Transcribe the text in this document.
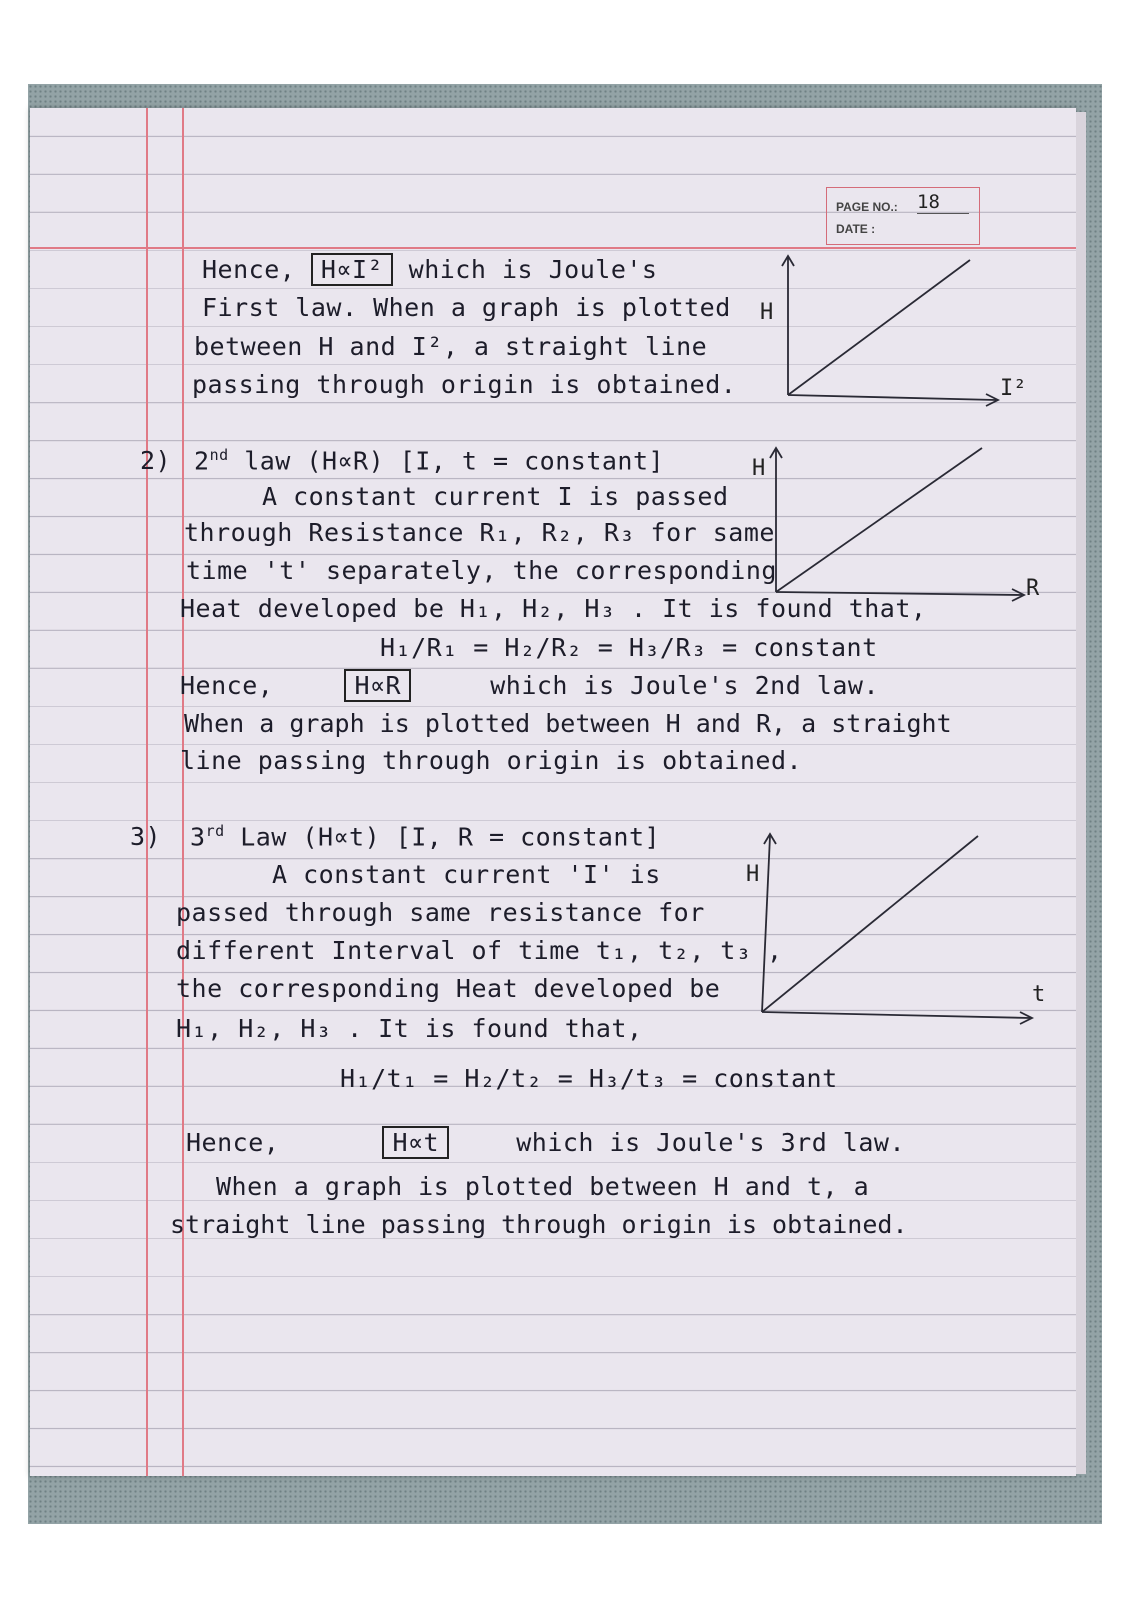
PAGE NO.: 18
DATE :
Hence, H∝I² which is Joule's
First law. When a graph is plotted
between H and I², a straight line
passing through origin is obtained.
H
I²
2) 2nd law (H∝R) [I, t = constant]
A constant current I is passed
through Resistance R₁, R₂, R₃ for same
time 't' separately, the corresponding
Heat developed be H₁, H₂, H₃ . It is found that,
H₁/R₁ = H₂/R₂ = H₃/R₃ = constant
Hence,	H∝R	which is Joule's 2nd law.
When a graph is plotted between H and R, a straight
line passing through origin is obtained.
H
R
3) 3rd Law (H∝t) [I, R = constant]
A constant current 'I' is
passed through same resistance for
different Interval of time t₁, t₂, t₃ ,
the corresponding Heat developed be
H₁, H₂, H₃ . It is found that,
H₁/t₁ = H₂/t₂ = H₃/t₃ = constant
Hence,	H∝t	which is Joule's 3rd law.
When a graph is plotted between H and t, a
straight line passing through origin is obtained.
H
t
